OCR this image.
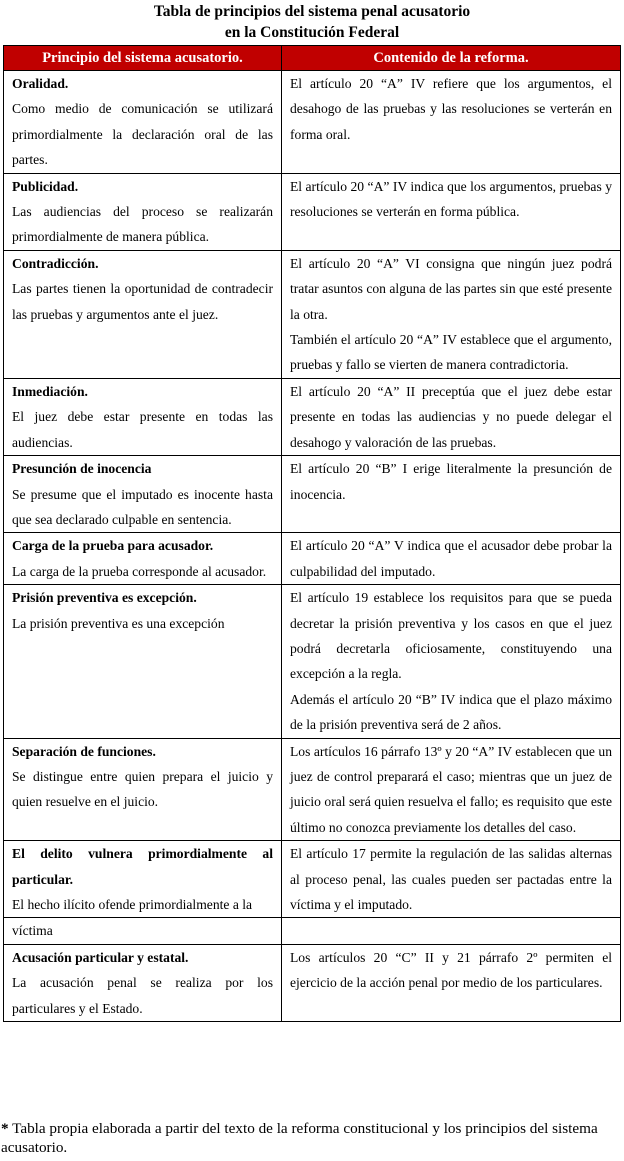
Tabla de principios del sistema penal acusatorio
en la Constitución Federal
Principio del sistema acusatorio.	Contenido de la reforma.

Oralidad.
Como medio de comunicación se utilizará primordialmente la declaración oral de las partes.	El artículo 20 “A” IV refiere que los argumentos, el desahogo de las pruebas y las resoluciones se verterán en forma oral.

Publicidad.
Las audiencias del proceso se realizarán primordialmente de manera pública.	El artículo 20 “A” IV indica que los argumentos, pruebas y resoluciones se verterán en forma pública.

Contradicción.
Las partes tienen la oportunidad de contradecir las pruebas y argumentos ante el juez.	El artículo 20 “A” VI consigna que ningún juez podrá tratar asuntos con alguna de las partes sin que esté presente la otra.
También el artículo 20 “A” IV establece que el argumento, pruebas y fallo se vierten de manera contradictoria.

Inmediación.
El juez debe estar presente en todas las audiencias.	El artículo 20 “A” II preceptúa que el juez debe estar presente en todas las audiencias y no puede delegar el desahogo y valoración de las pruebas.

Presunción de inocencia
Se presume que el imputado es inocente hasta que sea declarado culpable en sentencia.	El artículo 20 “B” I erige literalmente la presunción de inocencia.

Carga de la prueba para acusador.
La carga de la prueba corresponde al acusador.	El artículo 20 “A” V indica que el acusador debe probar la culpabilidad del imputado.

Prisión preventiva es excepción.
La prisión preventiva es una excepción	El artículo 19 establece los requisitos para que se pueda decretar la prisión preventiva y los casos en que el juez podrá decretarla oficiosamente, constituyendo una excepción a la regla.
Además el artículo 20 “B” IV indica que el plazo máximo de la prisión preventiva será de 2 años.

Separación de funciones.
Se distingue entre quien prepara el juicio y quien resuelve en el juicio.	Los artículos 16 párrafo 13º y 20 “A” IV establecen que un juez de control preparará el caso; mientras que un juez de juicio oral será quien resuelva el fallo; es requisito que este último no conozca previamente los detalles del caso.

El delito vulnera primordialmente al particular.
El hecho ilícito ofende primordialmente a la	El artículo 17 permite la regulación de las salidas alternas al proceso penal, las cuales pueden ser pactadas entre la víctima y el imputado.

víctima	

Acusación particular y estatal.
La acusación penal se realiza por los particulares y el Estado.	Los artículos 20 “C” II y 21 párrafo 2º permiten el ejercicio de la acción penal por medio de los particulares.
* Tabla propia elaborada a partir del texto de la reforma constitucional y los principios del sistema acusatorio.
